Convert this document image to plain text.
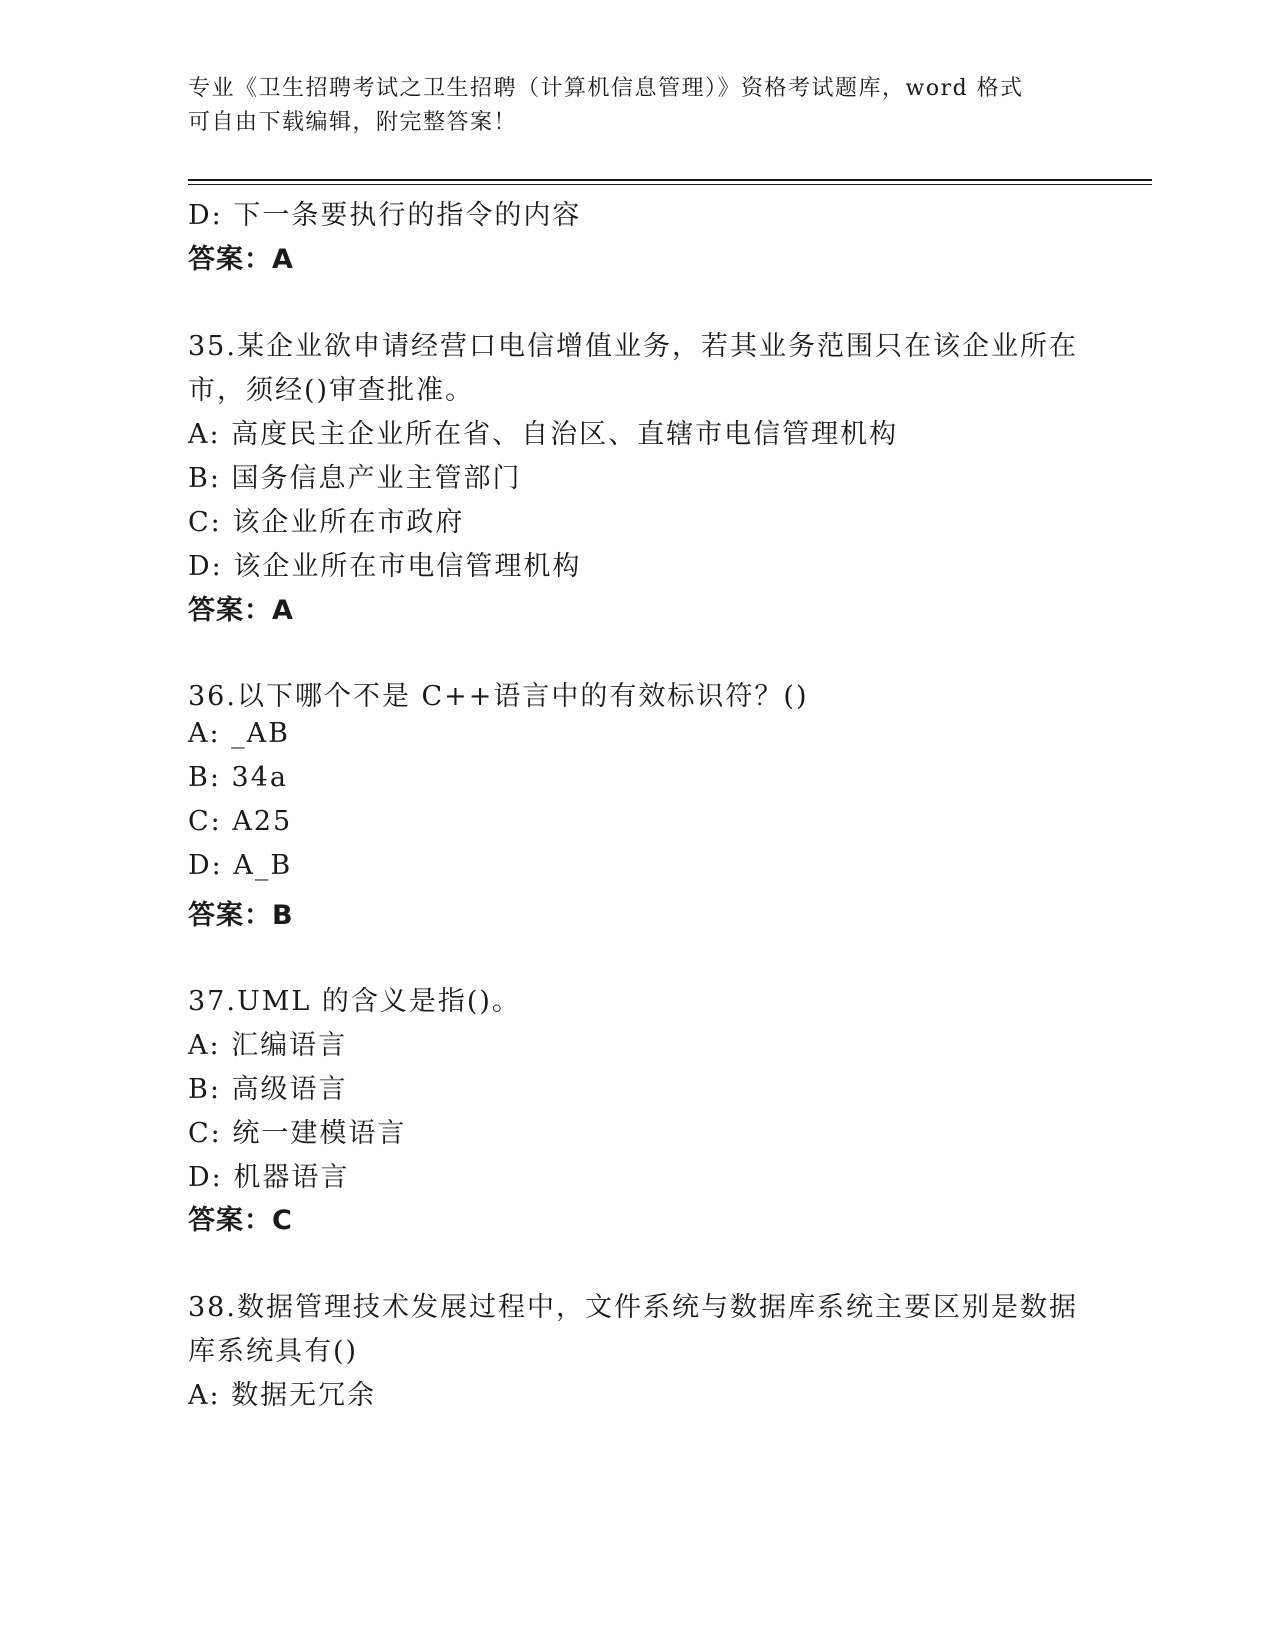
专业《卫生招聘考试之卫生招聘（计算机信息管理）》资格考试题库，word 格式
可自由下载编辑，附完整答案！
D: 下一条要执行的指令的内容
答案：A
35.某企业欲申请经营口电信增值业务，若其业务范围只在该企业所在
市，须经()审查批准。
A: 高度民主企业所在省、自治区、直辖市电信管理机构
B: 国务信息产业主管部门
C: 该企业所在市政府
D: 该企业所在市电信管理机构
答案：A
36.以下哪个不是 C++语言中的有效标识符？()
A: _AB
B: 34a
C: A25
D: A_B
答案：B
37.UML 的含义是指()。
A: 汇编语言
B: 高级语言
C: 统一建模语言
D: 机器语言
答案：C
38.数据管理技术发展过程中，文件系统与数据库系统主要区别是数据
库系统具有()
A: 数据无冗余
